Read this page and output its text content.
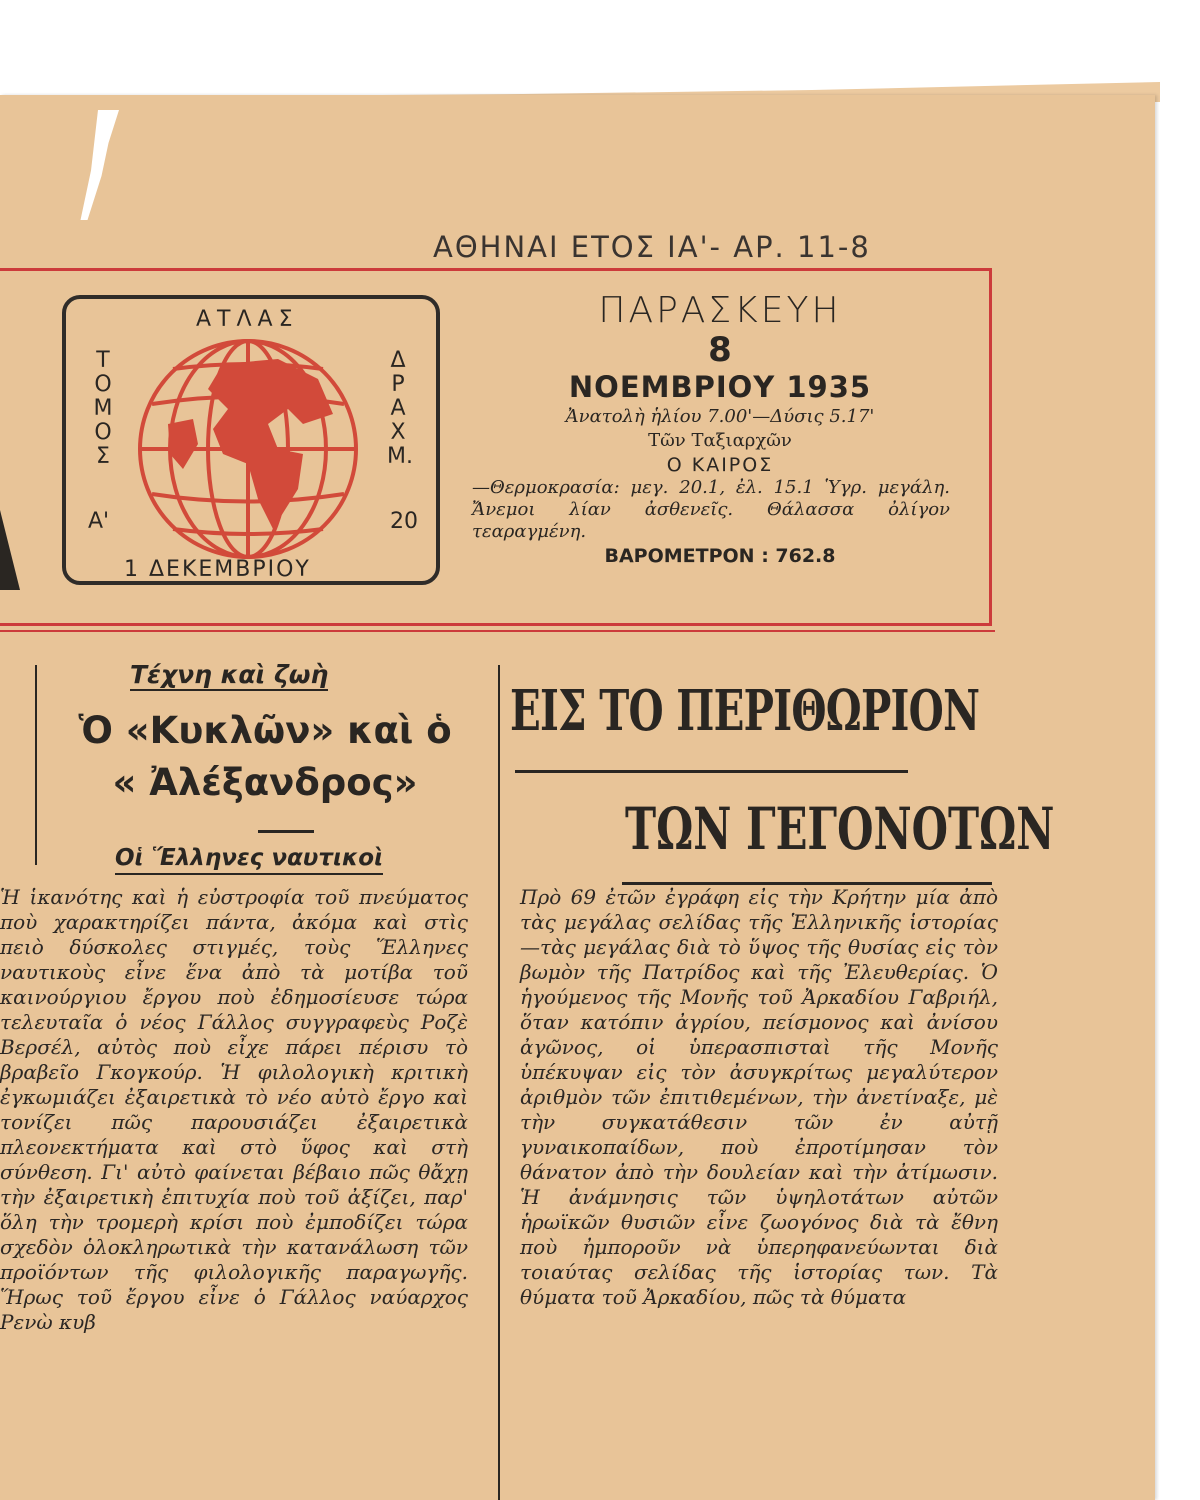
ΑΘΗΝΑΙ ΕΤΟΣ ΙΑ'- ΑΡ. 11-8
ΑΤΛΑΣ
ΤΟΜΟΣ
ΔΡΑΧΜ.
Α'	20
1 ΔΕΚΕΜΒΡΙΟΥ
ΠΑΡΑΣΚΕΥΗ
8
ΝΟΕΜΒΡΙΟΥ 1935
Ἀνατολὴ ἡλίου 7.00'—Δύσις 5.17'
Τῶν Ταξιαρχῶν
Ο ΚΑΙΡΟΣ
—Θερμοκρασία: μεγ. 20.1, ἐλ. 15.1 Ὑγρ. μεγάλη. Ἄνεμοι λίαν ἀσθενεῖς. Θάλασσα ὀλίγον τεαραγμένη.
ΒΑΡΟΜΕΤΡΟΝ : 762.8
Τέχνη καὶ ζωὴ
Ὁ «Κυκλῶν» καὶ ὁ
« Ἀλέξανδρος»
Οἱ Ἕλληνες ναυτικοὶ

Ἡ ἱκανότης καὶ ἡ εὐστροφία τοῦ πνεύματος ποὺ χαρακτηρίζει πάντα, ἀκόμα καὶ στὶς πειὸ δύσκολες στιγμές, τοὺς Ἕλληνες ναυτικοὺς εἶνε ἕνα ἀπὸ τὰ μοτίβα τοῦ καινούργιου ἔργου ποὺ ἐδημοσίευσε τώρα τελευταῖα ὁ νέος Γάλλος συγγραφεὺς Ροζὲ Βερσέλ, αὐτὸς ποὺ εἶχε πάρει πέρισυ τὸ βραβεῖο Γκογκούρ. Ἡ φιλολογικὴ κριτικὴ ἐγκωμιάζει ἐξαιρετικὰ τὸ νέο αὐτὸ ἔργο καὶ τονίζει πῶς παρουσιάζει ἐξαιρετικὰ πλεονεκτήματα καὶ στὸ ὕφος καὶ στὴ σύνθεση. Γι' αὐτὸ φαίνεται βέβαιο πῶς θἄχῃ τὴν ἐξαιρετικὴ ἐπιτυχία ποὺ τοῦ ἀξίζει, παρ' ὅλη τὴν τρομερὴ κρίσι ποὺ ἐμποδίζει τώρα σχεδὸν ὁλοκληρωτικὰ τὴν κατανάλωση τῶν προϊόντων τῆς φιλολογικῆς παραγωγῆς. Ἥρως τοῦ ἔργου εἶνε ὁ Γάλλος ναύαρχος Ρενὼ κυβ

ΕΙΣ ΤΟ ΠΕΡΙΘΩΡΙΟΝ
ΤΩΝ ΓΕΓΟΝΟΤΩΝ

Πρὸ 69 ἐτῶν ἐγράφη εἰς τὴν Κρήτην μία ἀπὸ τὰς μεγάλας σελίδας τῆς Ἑλληνικῆς ἱστορίας—τὰς μεγάλας διὰ τὸ ὕψος τῆς θυσίας εἰς τὸν βωμὸν τῆς Πατρίδος καὶ τῆς Ἐλευθερίας. Ὁ ἡγούμενος τῆς Μονῆς τοῦ Ἀρκαδίου Γαβριήλ, ὅταν κατόπιν ἀγρίου, πείσμονος καὶ ἀνίσου ἀγῶνος, οἱ ὑπερασπισταὶ τῆς Μονῆς ὑπέκυψαν εἰς τὸν ἀσυγκρίτως μεγαλύτερον ἀριθμὸν τῶν ἐπιτιθεμένων, τὴν ἀνετίναξε, μὲ τὴν συγκατάθεσιν τῶν ἐν αὐτῇ γυναικοπαίδων, ποὺ ἐπροτίμησαν τὸν θάνατον ἀπὸ τὴν δουλείαν καὶ τὴν ἀτίμωσιν. Ἡ ἀνάμνησις τῶν ὑψηλοτάτων αὐτῶν ἡρωϊκῶν θυσιῶν εἶνε ζωογόνος διὰ τὰ ἔθνη ποὺ ἠμποροῦν νὰ ὑπερηφανεύωνται διὰ τοιαύτας σελίδας τῆς ἱστορίας των. Τὰ θύματα τοῦ Ἀρκαδίου, πῶς τὰ θύματα
